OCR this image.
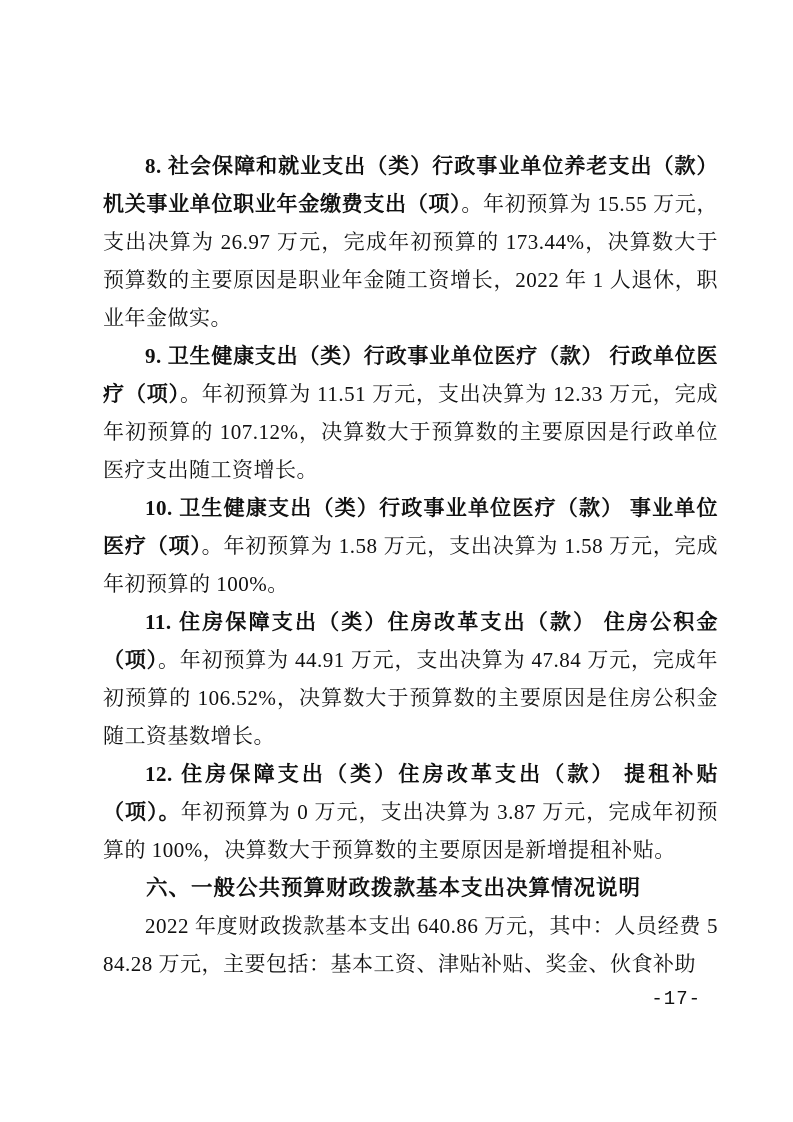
8. 社会保障和就业支出（类）行政事业单位养老支出（款）机关事业单位职业年金缴费支出（项）。年初预算为 15.55 万元，支出决算为 26.97 万元，完成年初预算的 173.44%，决算数大于预算数的主要原因是职业年金随工资增长，2022 年 1 人退休，职业年金做实。

9. 卫生健康支出（类）行政事业单位医疗（款） 行政单位医疗（项）。年初预算为 11.51 万元，支出决算为 12.33 万元，完成年初预算的 107.12%，决算数大于预算数的主要原因是行政单位医疗支出随工资增长。

10. 卫生健康支出（类）行政事业单位医疗（款） 事业单位医疗（项）。年初预算为 1.58 万元，支出决算为 1.58 万元，完成年初预算的 100%。

11. 住房保障支出（类）住房改革支出（款） 住房公积金（项）。年初预算为 44.91 万元，支出决算为 47.84 万元，完成年初预算的 106.52%，决算数大于预算数的主要原因是住房公积金随工资基数增长。

12. 住房保障支出（类）住房改革支出（款） 提租补贴（项）。年初预算为 0 万元，支出决算为 3.87 万元，完成年初预算的 100%，决算数大于预算数的主要原因是新增提租补贴。

六、一般公共预算财政拨款基本支出决算情况说明

2022 年度财政拨款基本支出 640.86 万元，其中：人员经费 584.28 万元，主要包括：基本工资、津贴补贴、奖金、伙食补助

-17-
